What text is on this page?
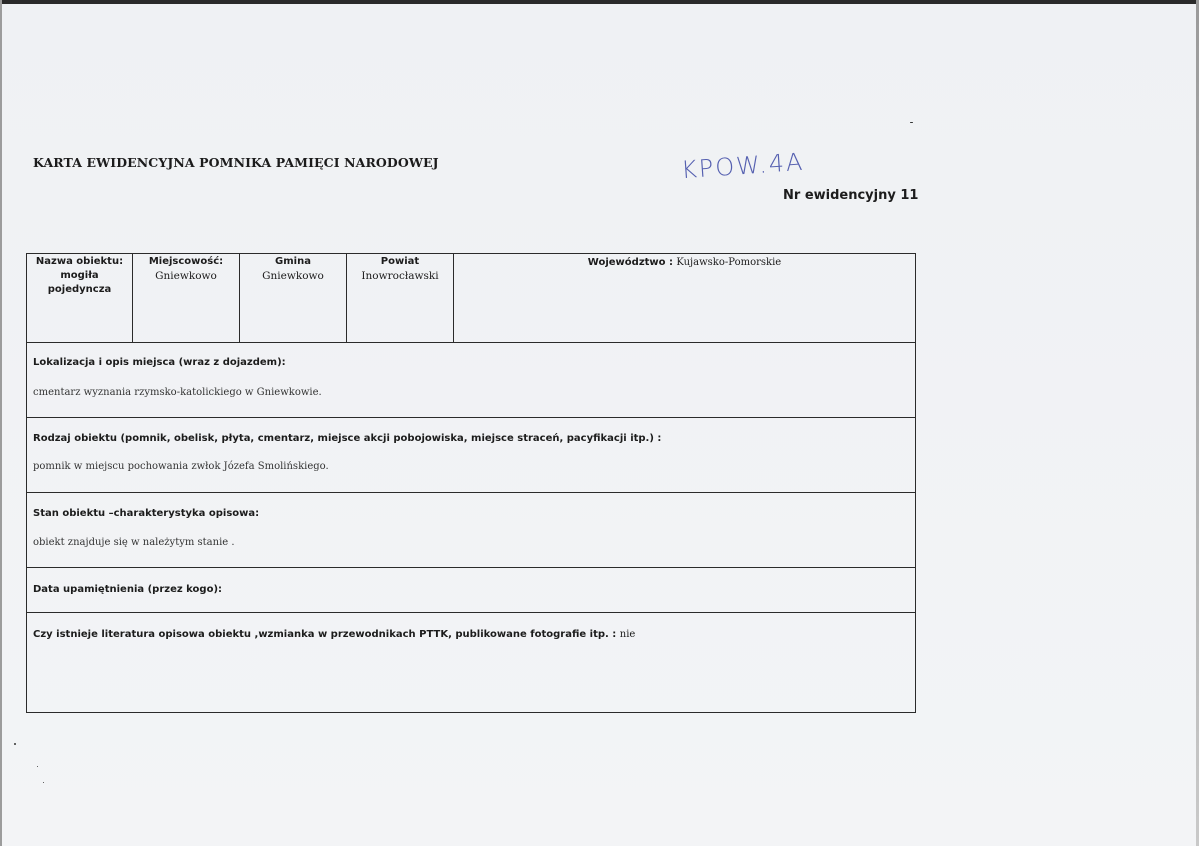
KARTA EWIDENCYJNA POMNIKA PAMIĘCI NARODOWEJ	KPOW.4A
Nr ewidencyjny 11
Nazwa obiektu:
mogiła pojedyncza
Miejscowość:
Gniewkowo
Gmina
Gniewkowo
Powiat
Inowrocławski
Województwo : Kujawsko-Pomorskie
Lokalizacja i opis miejsca (wraz z dojazdem):
cmentarz wyznania rzymsko-katolickiego w Gniewkowie.
Rodzaj obiektu (pomnik, obelisk, płyta, cmentarz, miejsce akcji pobojowiska, miejsce straceń, pacyfikacji itp.) :
pomnik w miejscu pochowania zwłok Józefa Smolińskiego.
Stan obiektu –charakterystyka opisowa:
obiekt znajduje się w należytym stanie .
Data upamiętnienia (przez kogo):
Czy istnieje literatura opisowa obiektu ,wzmianka w przewodnikach PTTK, publikowane fotografie itp. : nie
